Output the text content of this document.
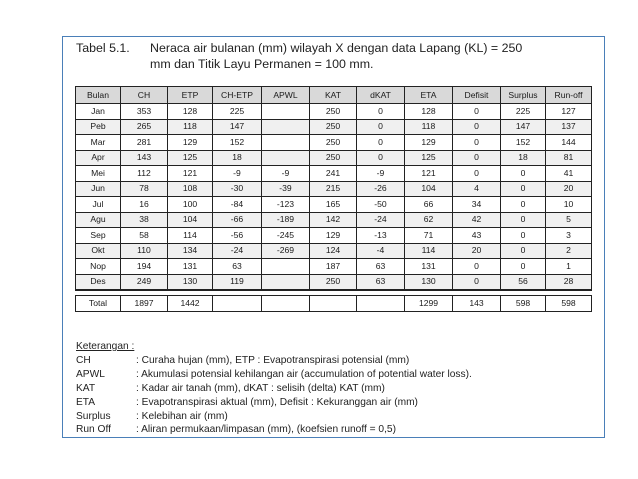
Tabel 5.1. Neraca air bulanan (mm) wilayah X dengan data Lapang (KL) = 250
mm dan Titik Layu Permanen = 100 mm.
Bulan	CH	ETP	CH-ETP	APWL	KAT	dKAT	ETA	Defisit	Surplus	Run-off
Jan	353	128	225		250	0	128	0	225	127
Peb	265	118	147		250	0	118	0	147	137
Mar	281	129	152		250	0	129	0	152	144
Apr	143	125	18		250	0	125	0	18	81
Mei	112	121	-9	-9	241	-9	121	0	0	41
Jun	78	108	-30	-39	215	-26	104	4	0	20
Jul	16	100	-84	-123	165	-50	66	34	0	10
Agu	38	104	-66	-189	142	-24	62	42	0	5
Sep	58	114	-56	-245	129	-13	71	43	0	3
Okt	110	134	-24	-269	124	-4	114	20	0	2
Nop	194	131	63		187	63	131	0	0	1
Des	249	130	119		250	63	130	0	56	28

Total	1897	1442					1299	143	598	598
Keterangan :
CH	: Curaha hujan (mm), ETP : Evapotranspirasi potensial (mm)
APWL	: Akumulasi potensial kehilangan air (accumulation of potential water loss).
KAT	: Kadar air tanah (mm), dKAT : selisih (delta) KAT (mm)
ETA	: Evapotranspirasi aktual (mm), Defisit : Kekuranggan air (mm)
Surplus	: Kelebihan air (mm)
Run Off	: Aliran permukaan/limpasan (mm), (koefsien runoff = 0,5)
